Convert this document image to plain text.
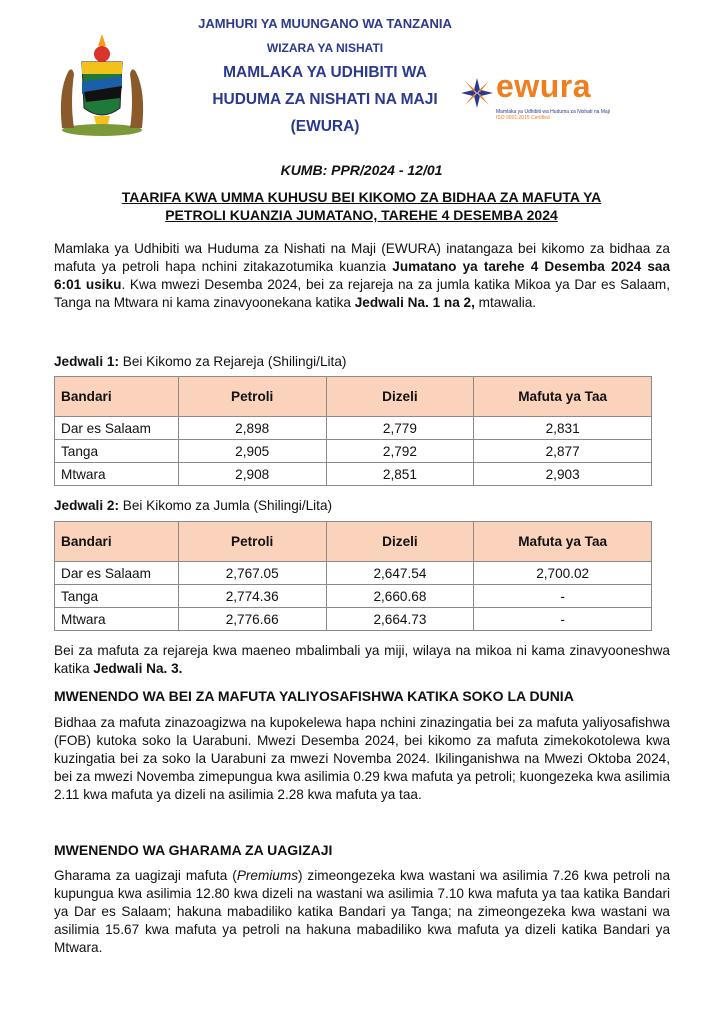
JAMHURI YA MUUNGANO WA TANZANIA
WIZARA YA NISHATI
MAMLAKA YA UDHIBITI WA
HUDUMA ZA NISHATI NA MAJI
(EWURA)
ewura
Mamlaka ya Udhibiti wa Huduma za Nishati na Maji
ISO 9001:2015 Certified
KUMB: PPR/2024 - 12/01
TAARIFA KWA UMMA KUHUSU BEI KIKOMO ZA BIDHAA ZA MAFUTA YA
PETROLI KUANZIA JUMATANO, TAREHE 4 DESEMBA 2024

Mamlaka ya Udhibiti wa Huduma za Nishati na Maji (EWURA) inatangaza bei kikomo za bidhaa za mafuta ya petroli hapa nchini zitakazotumika kuanzia Jumatano ya tarehe 4 Desemba 2024 saa 6:01 usiku. Kwa mwezi Desemba 2024, bei za rejareja na za jumla katika Mikoa ya Dar es Salaam, Tanga na Mtwara ni kama zinavyoonekana katika Jedwali Na. 1 na 2, mtawalia.

Jedwali 1: Bei Kikomo za Rejareja (Shilingi/Lita)
Bandari	Petroli	Dizeli	Mafuta ya Taa
Dar es Salaam	2,898	2,779	2,831
Tanga	2,905	2,792	2,877
Mtwara	2,908	2,851	2,903
Jedwali 2: Bei Kikomo za Jumla (Shilingi/Lita)
Bandari	Petroli	Dizeli	Mafuta ya Taa
Dar es Salaam	2,767.05	2,647.54	2,700.02
Tanga	2,774.36	2,660.68	-
Mtwara	2,776.66	2,664.73	-

Bei za mafuta za rejareja kwa maeneo mbalimbali ya miji, wilaya na mikoa ni kama zinavyooneshwa katika Jedwali Na. 3.

MWENENDO WA BEI ZA MAFUTA YALIYOSAFISHWA KATIKA SOKO LA DUNIA

Bidhaa za mafuta zinazoagizwa na kupokelewa hapa nchini zinazingatia bei za mafuta yaliyosafishwa (FOB) kutoka soko la Uarabuni. Mwezi Desemba 2024, bei kikomo za mafuta zimekokotolewa kwa kuzingatia bei za soko la Uarabuni za mwezi Novemba 2024. Ikilinganishwa na Mwezi Oktoba 2024, bei za mwezi Novemba zimepungua kwa asilimia 0.29 kwa mafuta ya petroli; kuongezeka kwa asilimia 2.11 kwa mafuta ya dizeli na asilimia 2.28 kwa mafuta ya taa.

MWENENDO WA GHARAMA ZA UAGIZAJI

Gharama za uagizaji mafuta (Premiums) zimeongezeka kwa wastani wa asilimia 7.26 kwa petroli na kupungua kwa asilimia 12.80 kwa dizeli na wastani wa asilimia 7.10 kwa mafuta ya taa katika Bandari ya Dar es Salaam; hakuna mabadiliko katika Bandari ya Tanga; na zimeongezeka kwa wastani wa asilimia 15.67 kwa mafuta ya petroli na hakuna mabadiliko kwa mafuta ya dizeli katika Bandari ya Mtwara.
